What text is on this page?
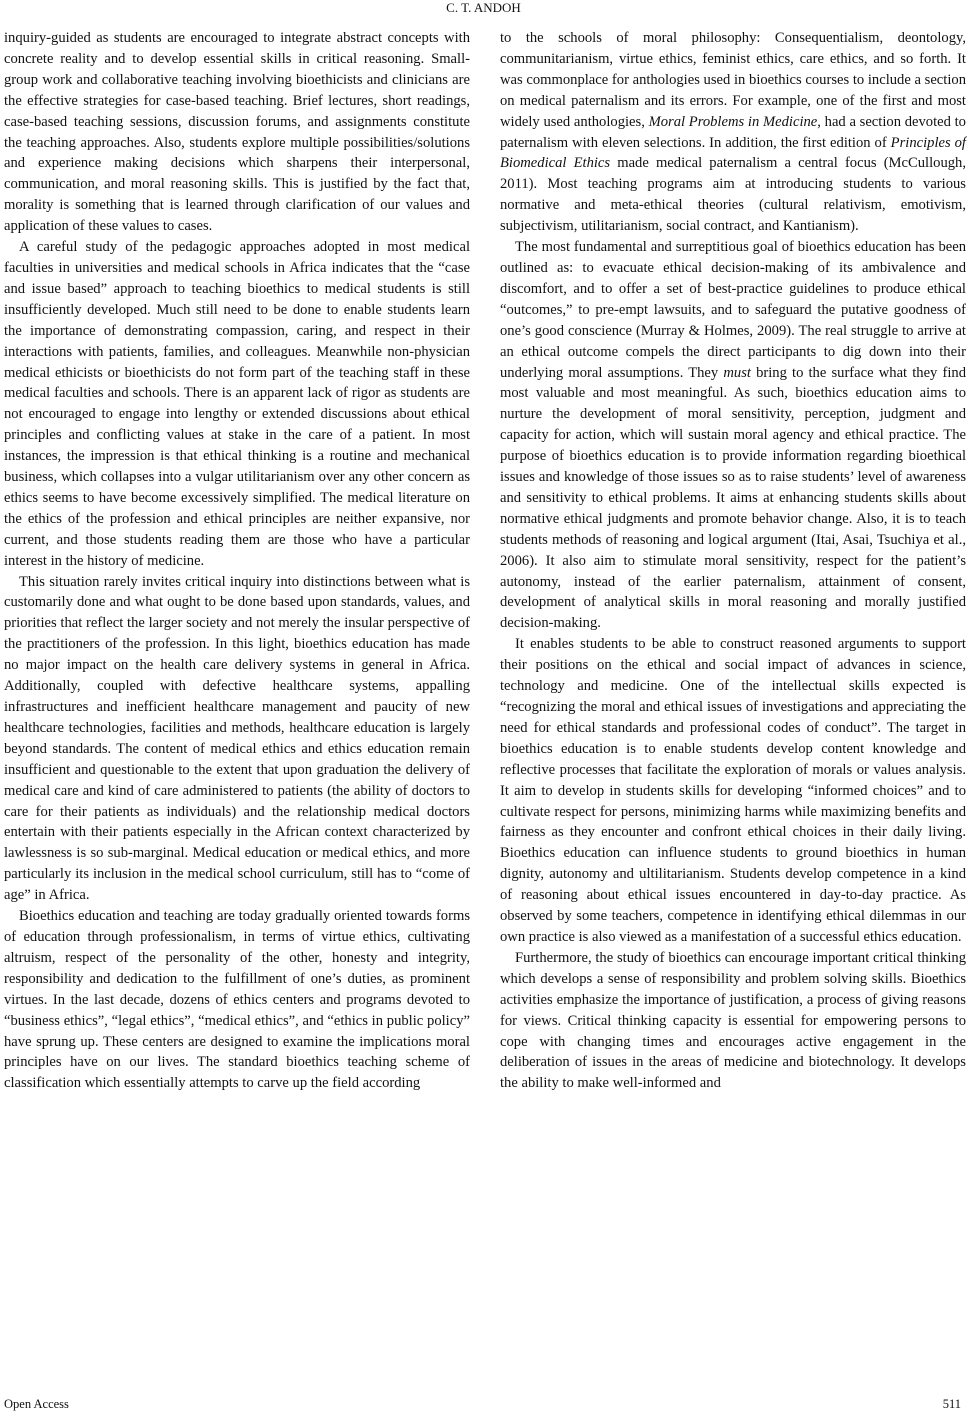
C. T. ANDOH

inquiry-guided as students are encouraged to integrate abstract concepts with concrete reality and to develop essential skills in critical reasoning. Small-group work and collaborative teaching involving bioethicists and clinicians are the effective strategies for case-based teaching. Brief lectures, short readings, case-based teaching sessions, discussion forums, and assignments constitute the teaching approaches. Also, students explore multiple possibilities/solutions and experience making decisions which sharpens their interpersonal, communication, and moral reasoning skills. This is justified by the fact that, morality is something that is learned through clarification of our values and application of these values to cases.

A careful study of the pedagogic approaches adopted in most medical faculties in universities and medical schools in Africa indicates that the “case and issue based” approach to teaching bioethics to medical students is still insufficiently developed. Much still need to be done to enable students learn the importance of demonstrating compassion, caring, and respect in their interactions with patients, families, and colleagues. Meanwhile non-physician medical ethicists or bioethicists do not form part of the teaching staff in these medical faculties and schools. There is an apparent lack of rigor as students are not encouraged to engage into lengthy or extended discussions about ethical principles and conflicting values at stake in the care of a patient. In most instances, the impression is that ethical thinking is a routine and mechanical business, which collapses into a vulgar utilitarianism over any other concern as ethics seems to have become excessively simplified. The medical literature on the ethics of the profession and ethical principles are neither expansive, nor current, and those students reading them are those who have a particular interest in the history of medicine.

This situation rarely invites critical inquiry into distinctions between what is customarily done and what ought to be done based upon standards, values, and priorities that reflect the larger society and not merely the insular perspective of the practitioners of the profession. In this light, bioethics education has made no major impact on the health care delivery systems in general in Africa. Additionally, coupled with defective healthcare systems, appalling infrastructures and inefficient healthcare management and paucity of new healthcare technologies, facilities and methods, healthcare education is largely beyond standards. The content of medical ethics and ethics education remain insufficient and questionable to the extent that upon graduation the delivery of medical care and kind of care administered to patients (the ability of doctors to care for their patients as individuals) and the relationship medical doctors entertain with their patients especially in the African context characterized by lawlessness is so sub-marginal. Medical education or medical ethics, and more particularly its inclusion in the medical school curriculum, still has to “come of age” in Africa.

Bioethics education and teaching are today gradually oriented towards forms of education through professionalism, in terms of virtue ethics, cultivating altruism, respect of the personality of the other, honesty and integrity, responsibility and dedication to the fulfillment of one’s duties, as prominent virtues. In the last decade, dozens of ethics centers and programs devoted to “business ethics”, “legal ethics”, “medical ethics”, and “ethics in public policy” have sprung up. These centers are designed to examine the implications moral principles have on our lives. The standard bioethics teaching scheme of classification which essentially attempts to carve up the field according

to the schools of moral philosophy: Consequentialism, deontology, communitarianism, virtue ethics, feminist ethics, care ethics, and so forth. It was commonplace for anthologies used in bioethics courses to include a section on medical paternalism and its errors. For example, one of the first and most widely used anthologies, Moral Problems in Medicine, had a section devoted to paternalism with eleven selections. In addition, the first edition of Principles of Biomedical Ethics made medical paternalism a central focus (McCullough, 2011). Most teaching programs aim at introducing students to various normative and meta-ethical theories (cultural relativism, emotivism, subjectivism, utilitarianism, social contract, and Kantianism).

The most fundamental and surreptitious goal of bioethics education has been outlined as: to evacuate ethical decision-making of its ambivalence and discomfort, and to offer a set of best-practice guidelines to produce ethical “outcomes,” to pre-empt lawsuits, and to safeguard the putative goodness of one’s good conscience (Murray & Holmes, 2009). The real struggle to arrive at an ethical outcome compels the direct participants to dig down into their underlying moral assumptions. They must bring to the surface what they find most valuable and most meaningful. As such, bioethics education aims to nurture the development of moral sensitivity, perception, judgment and capacity for action, which will sustain moral agency and ethical practice. The purpose of bioethics education is to provide information regarding bioethical issues and knowledge of those issues so as to raise students’ level of awareness and sensitivity to ethical problems. It aims at enhancing students skills about normative ethical judgments and promote behavior change. Also, it is to teach students methods of reasoning and logical argument (Itai, Asai, Tsuchiya et al., 2006). It also aim to stimulate moral sensitivity, respect for the patient’s autonomy, instead of the earlier paternalism, attainment of consent, development of analytical skills in moral reasoning and morally justified decision-making.

It enables students to be able to construct reasoned arguments to support their positions on the ethical and social impact of advances in science, technology and medicine. One of the intellectual skills expected is “recognizing the moral and ethical issues of investigations and appreciating the need for ethical standards and professional codes of conduct”. The target in bioethics education is to enable students develop content knowledge and reflective processes that facilitate the exploration of morals or values analysis. It aim to develop in students skills for developing “informed choices” and to cultivate respect for persons, minimizing harms while maximizing benefits and fairness as they encounter and confront ethical choices in their daily living. Bioethics education can influence students to ground bioethics in human dignity, autonomy and ultilitarianism. Students develop competence in a kind of reasoning about ethical issues encountered in day-to-day practice. As observed by some teachers, competence in identifying ethical dilemmas in our own practice is also viewed as a manifestation of a successful ethics education.

Furthermore, the study of bioethics can encourage important critical thinking which develops a sense of responsibility and problem solving skills. Bioethics activities emphasize the importance of justification, a process of giving reasons for views. Critical thinking capacity is essential for empowering persons to cope with changing times and encourages active engagement in the deliberation of issues in the areas of medicine and biotechnology. It develops the ability to make well-informed and

Open Access	511
